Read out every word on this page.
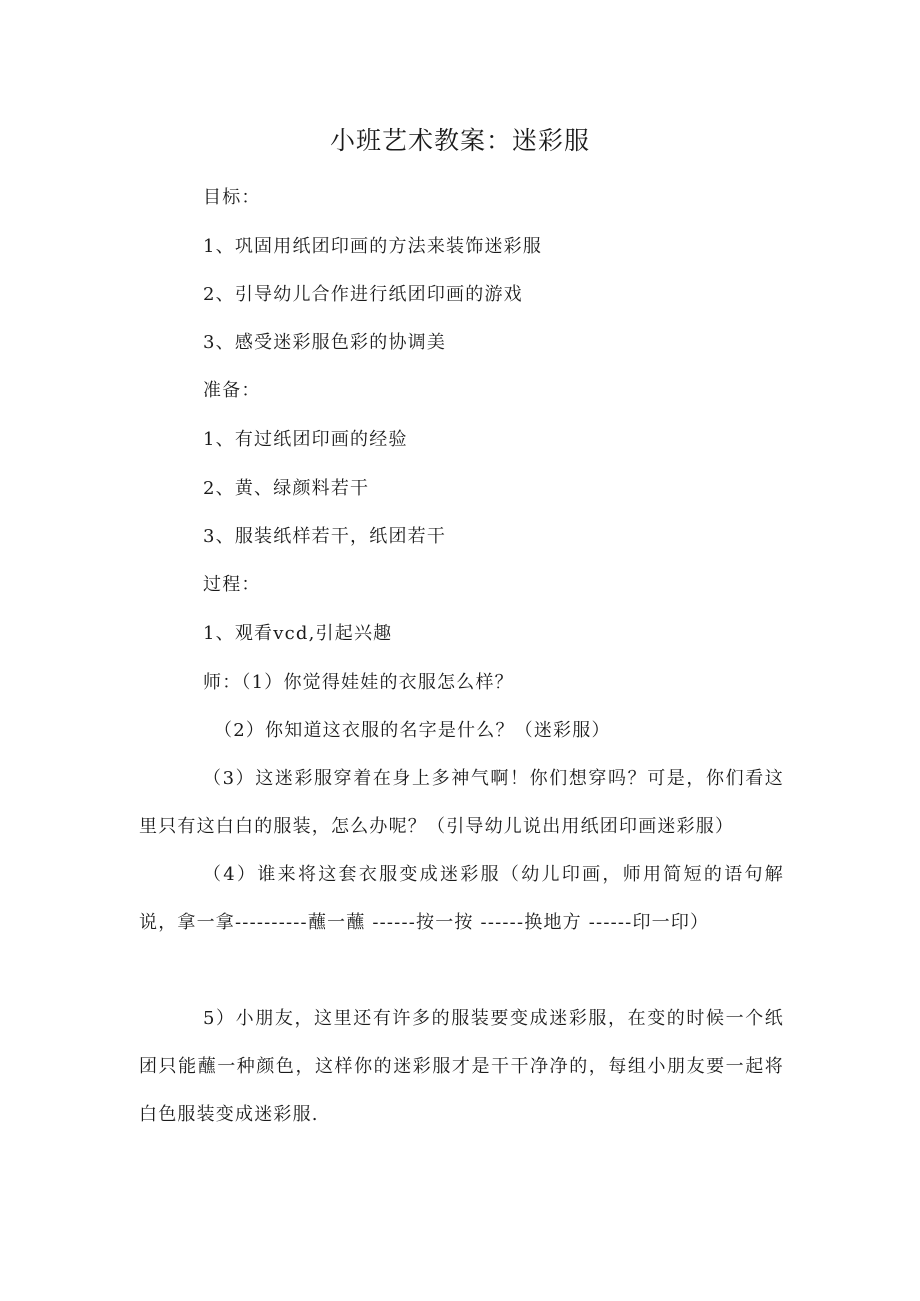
小班艺术教案：迷彩服
目标：
1、巩固用纸团印画的方法来装饰迷彩服
2、引导幼儿合作进行纸团印画的游戏
3、感受迷彩服色彩的协调美
准备：
1、有过纸团印画的经验
2、黄、绿颜料若干
3、服装纸样若干，纸团若干
过程：
1、观看vcd,引起兴趣
师：（1）你觉得娃娃的衣服怎么样？
（2）你知道这衣服的名字是什么？（迷彩服）

（3）这迷彩服穿着在身上多神气啊！你们想穿吗？可是，你们看这里只有这白白的服装，怎么办呢？（引导幼儿说出用纸团印画迷彩服）

（4）谁来将这套衣服变成迷彩服（幼儿印画，师用简短的语句解说，拿一拿----------蘸一蘸 ------按一按 ------换地方 ------印一印）

5）小朋友，这里还有许多的服装要变成迷彩服，在变的时候一个纸团只能蘸一种颜色，这样你的迷彩服才是干干净净的，每组小朋友要一起将白色服装变成迷彩服.
